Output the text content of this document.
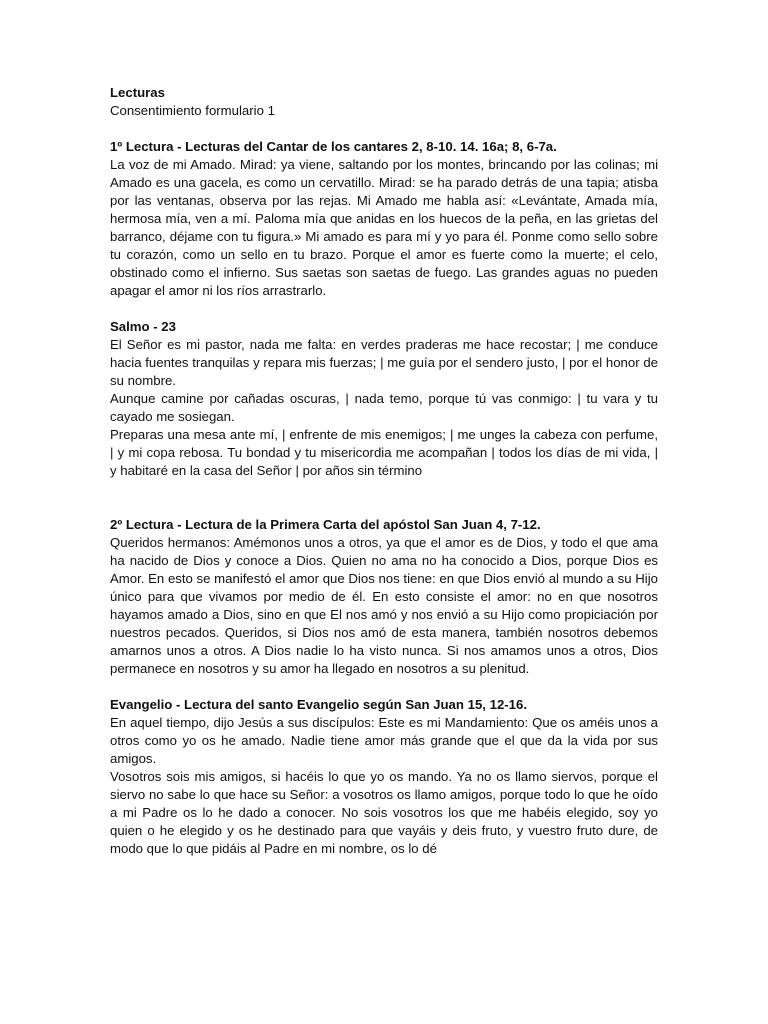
Lecturas
Consentimiento formulario 1
1º Lectura - Lecturas del Cantar de los cantares 2, 8-10. 14. 16a; 8, 6-7a.

La voz de mi Amado. Mirad: ya viene, saltando por los montes, brincando por las colinas; mi Amado es una gacela, es como un cervatillo. Mirad: se ha parado detrás de una tapia; atisba por las ventanas, observa por las rejas. Mi Amado me habla así: «Levántate, Amada mía, hermosa mía, ven a mí. Paloma mía que anidas en los huecos de la peña, en las grietas del barranco, déjame con tu figura.» Mi amado es para mí y yo para él. Ponme como sello sobre tu corazón, como un sello en tu brazo. Porque el amor es fuerte como la muerte; el celo, obstinado como el infierno. Sus saetas son saetas de fuego. Las grandes aguas no pueden apagar el amor ni los ríos arrastrarlo.

Salmo - 23

El Señor es mi pastor, nada me falta: en verdes praderas me hace recostar; | me conduce hacia fuentes tranquilas y repara mis fuerzas; | me guía por el sendero justo, | por el honor de su nombre.

Aunque camine por cañadas oscuras, | nada temo, porque tú vas conmigo: | tu vara y tu cayado me sosiegan.

Preparas una mesa ante mí, | enfrente de mis enemigos; | me unges la cabeza con perfume, | y mi copa rebosa. Tu bondad y tu misericordia me acompañan | todos los días de mi vida, | y habitaré en la casa del Señor | por años sin término

2º Lectura - Lectura de la Primera Carta del apóstol San Juan 4, 7-12.

Queridos hermanos: Amémonos unos a otros, ya que el amor es de Dios, y todo el que ama ha nacido de Dios y conoce a Dios. Quien no ama no ha conocido a Dios, porque Dios es Amor. En esto se manifestó el amor que Dios nos tiene: en que Dios envió al mundo a su Hijo único para que vivamos por medio de él. En esto consiste el amor: no en que nosotros hayamos amado a Dios, sino en que El nos amó y nos envió a su Hijo como propiciación por nuestros pecados. Queridos, si Dios nos amó de esta manera, también nosotros debemos amarnos unos a otros. A Dios nadie lo ha visto nunca. Si nos amamos unos a otros, Dios permanece en nosotros y su amor ha llegado en nosotros a su plenitud.

Evangelio - Lectura del santo Evangelio según San Juan 15, 12-16.

En aquel tiempo, dijo Jesús a sus discípulos: Este es mi Mandamiento: Que os améis unos a otros como yo os he amado. Nadie tiene amor más grande que el que da la vida por sus amigos.

Vosotros sois mis amigos, si hacéis lo que yo os mando. Ya no os llamo siervos, porque el siervo no sabe lo que hace su Señor: a vosotros os llamo amigos, porque todo lo que he oído a mi Padre os lo he dado a conocer. No sois vosotros los que me habéis elegido, soy yo quien o he elegido y os he destinado para que vayáis y deis fruto, y vuestro fruto dure, de modo que lo que pidáis al Padre en mi nombre, os lo dé
